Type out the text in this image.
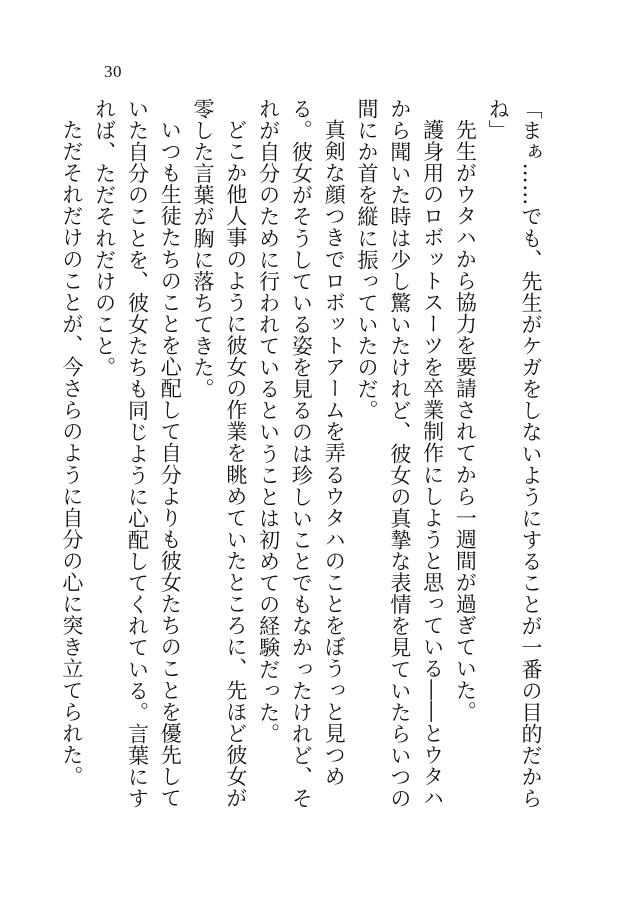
30

「まぁ……でも、先生がケガをしないようにすることが一番の目的だからね」

先生がウタハから協力を要請されてから一週間が過ぎていた。

護身用のロボットスーツを卒業制作にしようと思っている――とウタハから聞いた時は少し驚いたけれど、彼女の真摯な表情を見ていたらいつの間にか首を縦に振っていたのだ。

真剣な顔つきでロボットアームを弄るウタハのことをぼうっと見つめる。彼女がそうしている姿を見るのは珍しいことでもなかったけれど、それが自分のために行われているということは初めての経験だった。

どこか他人事のように彼女の作業を眺めていたところに、先ほど彼女が零した言葉が胸に落ちてきた。

いつも生徒たちのことを心配して自分よりも彼女たちのことを優先していた自分のことを、彼女たちも同じように心配してくれている。言葉にすれば、ただそれだけのこと。

ただそれだけのことが、今さらのように自分の心に突き立てられた。
